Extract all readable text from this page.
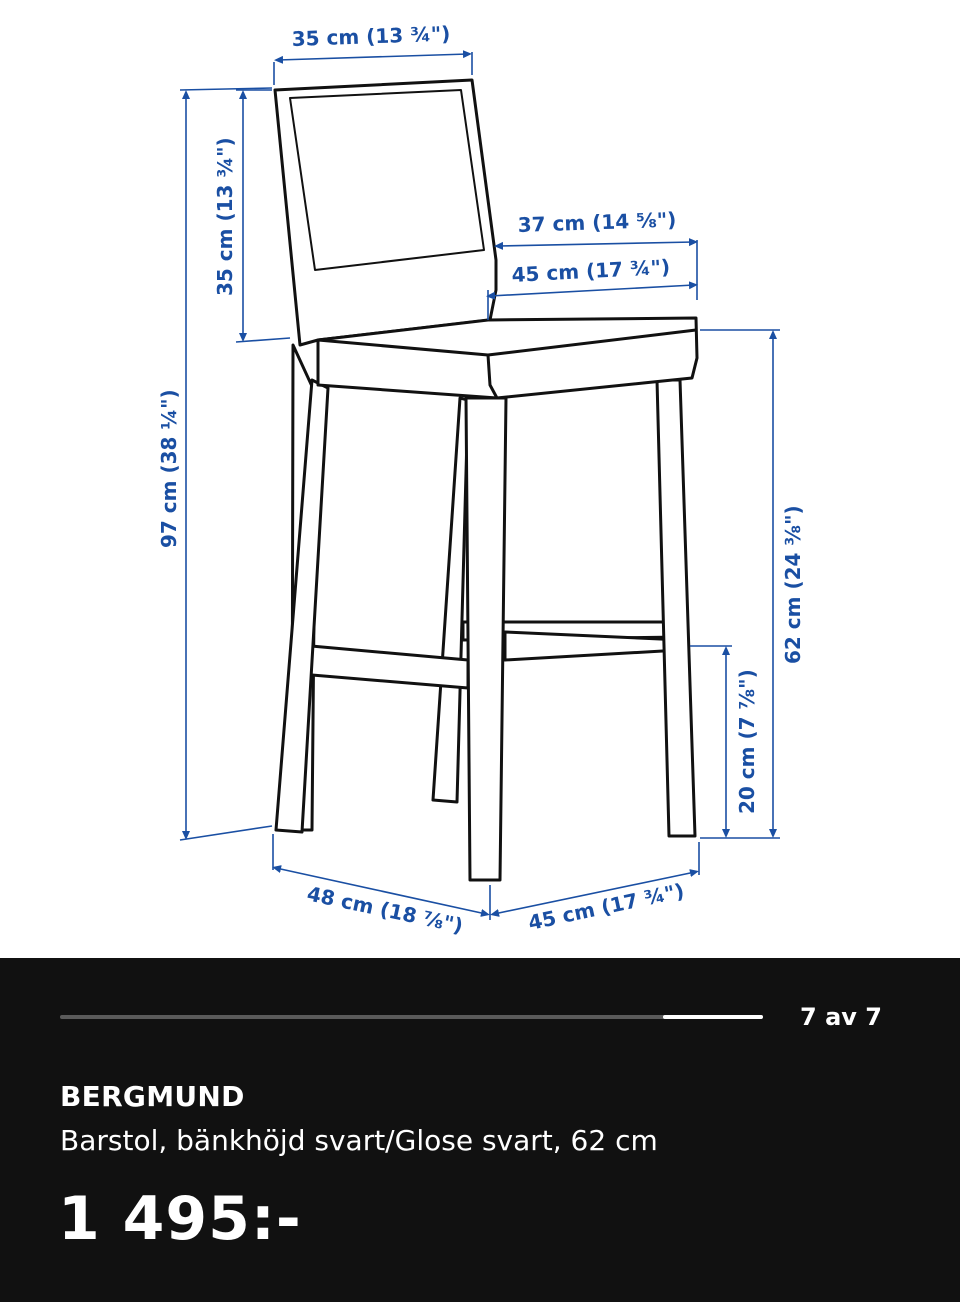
35 cm (13 ¾")
35 cm (13 ¾")
97 cm (38 ¼")
37 cm (14 ⅝")
45 cm (17 ¾")
62 cm (24 ⅜")
20 cm (7 ⅞")
48 cm (18 ⅞")	45 cm (17 ¾")
7 av 7
BERGMUND
Barstol, bänkhöjd svart/Glose svart, 62 cm
1 495:-
